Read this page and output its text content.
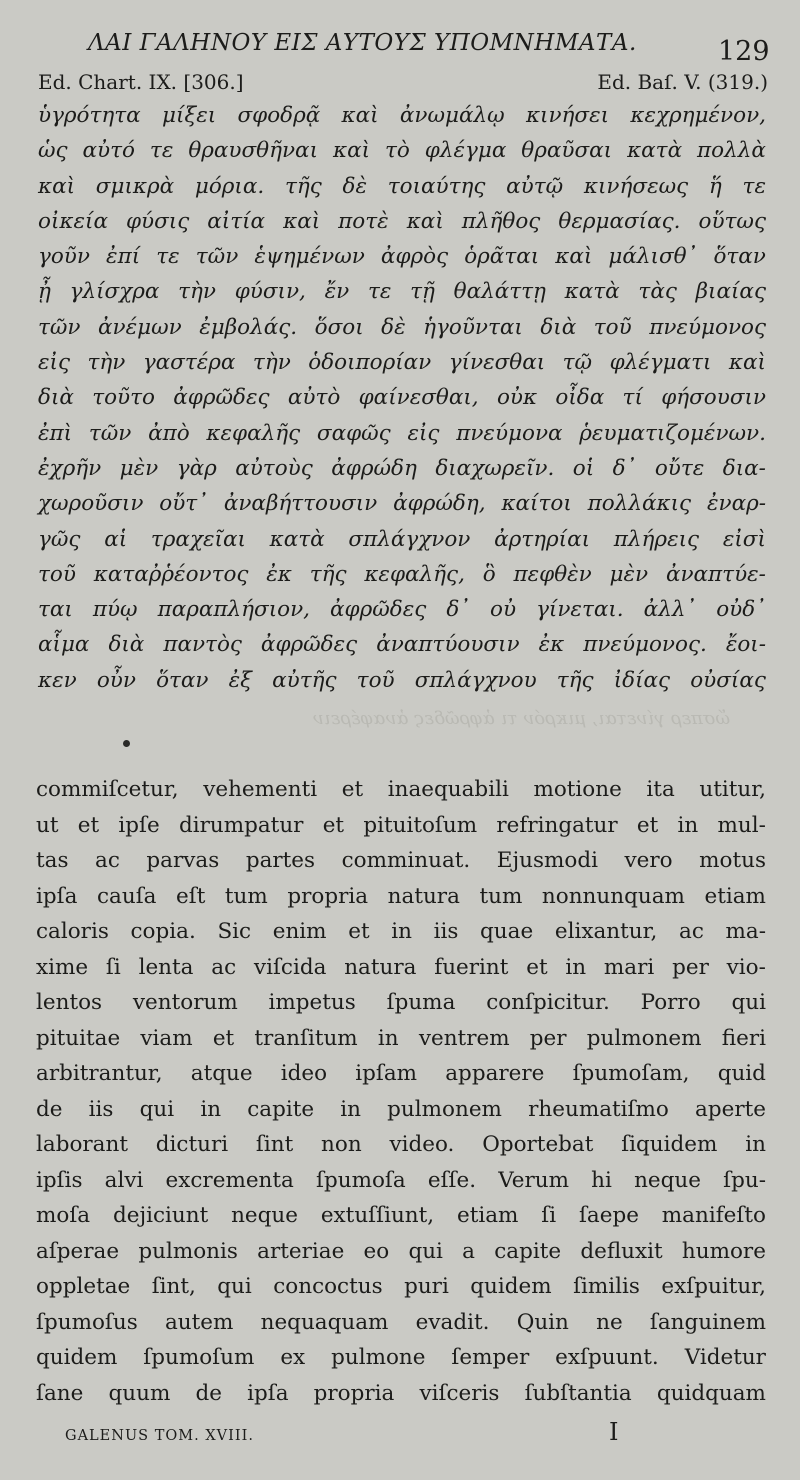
ΛΑΙ ΓΑΛΗΝΟΥ ΕΙΣ ΑΥΤΟΥΣ ΥΠΟΜΝΗΜΑΤΑ.	129
Ed. Chart. IX. [306.]	Ed. Baſ. V. (319.)
ὑγρότητα μίξει σφοδρᾷ καὶ ἀνωμάλῳ κινήσει κεχρημένον,
ὡς αὐτό τε θραυσθῆναι καὶ τὸ φλέγμα θραῦσαι κατὰ πολλὰ
καὶ σμικρὰ μόρια. τῆς δὲ τοιαύτης αὐτῷ κινήσεως ἥ τε
οἰκεία φύσις αἰτία καὶ ποτὲ καὶ πλῆθος θερμασίας. οὕτως
γοῦν ἐπί τε τῶν ἑψημένων ἀφρὸς ὁρᾶται καὶ μάλισθ᾽ ὅταν
ᾖ γλίσχρα τὴν φύσιν, ἔν τε τῇ θαλάττῃ κατὰ τὰς βιαίας
τῶν ἀνέμων ἐμβολάς. ὅσοι δὲ ἡγοῦνται διὰ τοῦ πνεύμονος
εἰς τὴν γαστέρα τὴν ὁδοιπορίαν γίνεσθαι τῷ φλέγματι καὶ
διὰ τοῦτο ἀφρῶδες αὐτὸ φαίνεσθαι, οὐκ οἶδα τί φήσουσιν
ἐπὶ τῶν ἀπὸ κεφαλῆς σαφῶς εἰς πνεύμονα ῥευματιζομένων.
ἐχρῆν μὲν γὰρ αὐτοὺς ἀφρώδη διαχωρεῖν. οἱ δ᾽ οὔτε δια-
χωροῦσιν οὔτ᾽ ἀναβήττουσιν ἀφρώδη, καίτοι πολλάκις ἐναρ-
γῶς αἱ τραχεῖαι κατὰ σπλάγχνον ἀρτηρίαι πλήρεις εἰσὶ
τοῦ καταῤῥέοντος ἐκ τῆς κεφαλῆς, ὃ πεφθὲν μὲν ἀναπτύε-
ται πύῳ παραπλήσιον, ἀφρῶδες δ᾽ οὐ γίνεται. ἀλλ᾽ οὐδ᾽
αἷμα διὰ παντὸς ἀφρῶδες ἀναπτύουσιν ἐκ πνεύμονος. ἔοι-
κεν οὖν ὅταν ἐξ αὐτῆς τοῦ σπλάγχνου τῆς ἰδίας οὐσίας
ὥσπερ γίνεται, μικρόν τι ἀφρῶδες ἀναφέρειν
commiſcetur, vehementi et inaequabili motione ita utitur,
ut et ipſe dirumpatur et pituitoſum refringatur et in mul-
tas ac parvas partes comminuat. Ejusmodi vero motus
ipſa cauſa eſt tum propria natura tum nonnunquam etiam
caloris copia. Sic enim et in iis quae elixantur, ac ma-
xime ſi lenta ac viſcida natura fuerint et in mari per vio-
lentos ventorum impetus ſpuma conſpicitur. Porro qui
pituitae viam et tranſitum in ventrem per pulmonem fieri
arbitrantur, atque ideo ipſam apparere ſpumoſam, quid
de iis qui in capite in pulmonem rheumatiſmo aperte
laborant dicturi ſint non video. Oportebat ſiquidem in
ipſis alvi excrementa ſpumoſa eſſe. Verum hi neque ſpu-
moſa dejiciunt neque extuſſiunt, etiam ſi ſaepe manifeſto
aſperae pulmonis arteriae eo qui a capite defluxit humore
oppletae ſint, qui concoctus puri quidem ſimilis exſpuitur,
ſpumoſus autem nequaquam evadit. Quin ne ſanguinem
quidem ſpumoſum ex pulmone ſemper exſpuunt. Videtur
ſane quum de ipſa propria viſceris ſubſtantia quidquam
GALENUS TOM. XVIII.	I
